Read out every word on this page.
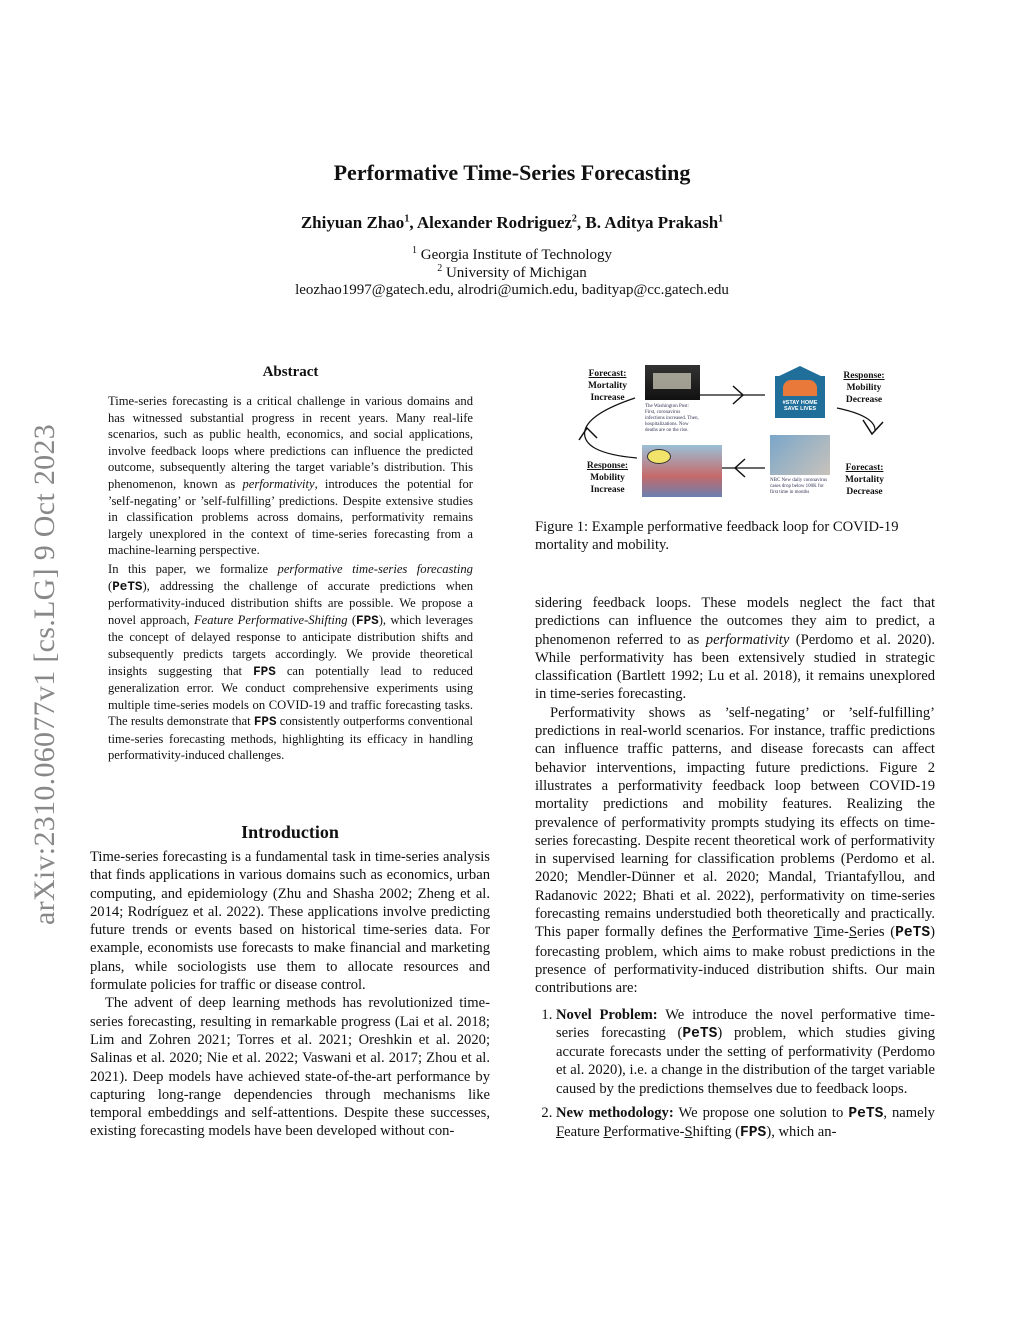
arXiv:2310.06077v1 [cs.LG] 9 Oct 2023
Performative Time-Series Forecasting
Zhiyuan Zhao$^1$, Alexander Rodriguez$^2$, B. Aditya Prakash$^1$
$^1$ Georgia Institute of Technology
$^2$ University of Michigan
leozhao1997@gatech.edu, alrodri@umich.edu, badityap@cc.gatech.edu
Abstract

Time-series forecasting is a critical challenge in various domains and has witnessed substantial progress in recent years. Many real-life scenarios, such as public health, economics, and social applications, involve feedback loops where predictions can influence the predicted outcome, subsequently altering the target variable’s distribution. This phenomenon, known as performativity, introduces the potential for ’self-negating’ or ’self-fulfilling’ predictions. Despite extensive studies in classification problems across domains, performativity remains largely unexplored in the context of time-series forecasting from a machine-learning perspective.

In this paper, we formalize performative time-series forecasting (PeTS), addressing the challenge of accurate predictions when performativity-induced distribution shifts are possible. We propose a novel approach, Feature Performative-Shifting (FPS), which leverages the concept of delayed response to anticipate distribution shifts and subsequently predicts targets accordingly. We provide theoretical insights suggesting that FPS can potentially lead to reduced generalization error. We conduct comprehensive experiments using multiple time-series models on COVID-19 and traffic forecasting tasks. The results demonstrate that FPS consistently outperforms conventional time-series forecasting methods, highlighting its efficacy in handling performativity-induced challenges.

Introduction

Time-series forecasting is a fundamental task in time-series analysis that finds applications in various domains such as economics, urban computing, and epidemiology (Zhu and Shasha 2002; Zheng et al. 2014; Rodríguez et al. 2022). These applications involve predicting future trends or events based on historical time-series data. For example, economists use forecasts to make financial and marketing plans, while sociologists use them to allocate resources and formulate policies for traffic or disease control.

The advent of deep learning methods has revolutionized time-series forecasting, resulting in remarkable progress (Lai et al. 2018; Lim and Zohren 2021; Torres et al. 2021; Oreshkin et al. 2020; Salinas et al. 2020; Nie et al. 2022; Vaswani et al. 2017; Zhou et al. 2021). Deep models have achieved state-of-the-art performance by capturing long-range dependencies through mechanisms like temporal embeddings and self-attentions. Despite these successes, existing forecasting models have been developed without con-

Forecast:
Mortality
Increase
Response:
Mobility
Decrease
Response:
Mobility
Increase
Forecast:
Mortality
Decrease
The Washington Post: First, coronavirus infections increased. Then, hospitalizations. Now deaths are on the rise.
#STAY HOME SAVE LIVES
NBC New daily coronavirus cases drop below 100K for first time in months
Figure 1: Example performative feedback loop for COVID-19 mortality and mobility.

sidering feedback loops. These models neglect the fact that predictions can influence the outcomes they aim to predict, a phenomenon referred to as performativity (Perdomo et al. 2020). While performativity has been extensively studied in strategic classification (Bartlett 1992; Lu et al. 2018), it remains unexplored in time-series forecasting.

Performativity shows as ’self-negating’ or ’self-fulfilling’ predictions in real-world scenarios. For instance, traffic predictions can influence traffic patterns, and disease forecasts can affect behavior interventions, impacting future predictions. Figure 2 illustrates a performativity feedback loop between COVID-19 mortality predictions and mobility features. Realizing the prevalence of performativity prompts studying its effects on time-series forecasting. Despite recent theoretical work of performativity in supervised learning for classification problems (Perdomo et al. 2020; Mendler-Dünner et al. 2020; Mandal, Triantafyllou, and Radanovic 2022; Bhati et al. 2022), performativity on time-series forecasting remains understudied both theoretically and practically. This paper formally defines the Performative Time-Series (PeTS) forecasting problem, which aims to make robust predictions in the presence of performativity-induced distribution shifts. Our main contributions are:

1. Novel Problem: We introduce the novel performative time-series forecasting (PeTS) problem, which studies giving accurate forecasts under the setting of performativity (Perdomo et al. 2020), i.e. a change in the distribution of the target variable caused by the predictions themselves due to feedback loops.
2. New methodology: We propose one solution to PeTS, namely Feature Performative-Shifting (FPS), which an-
